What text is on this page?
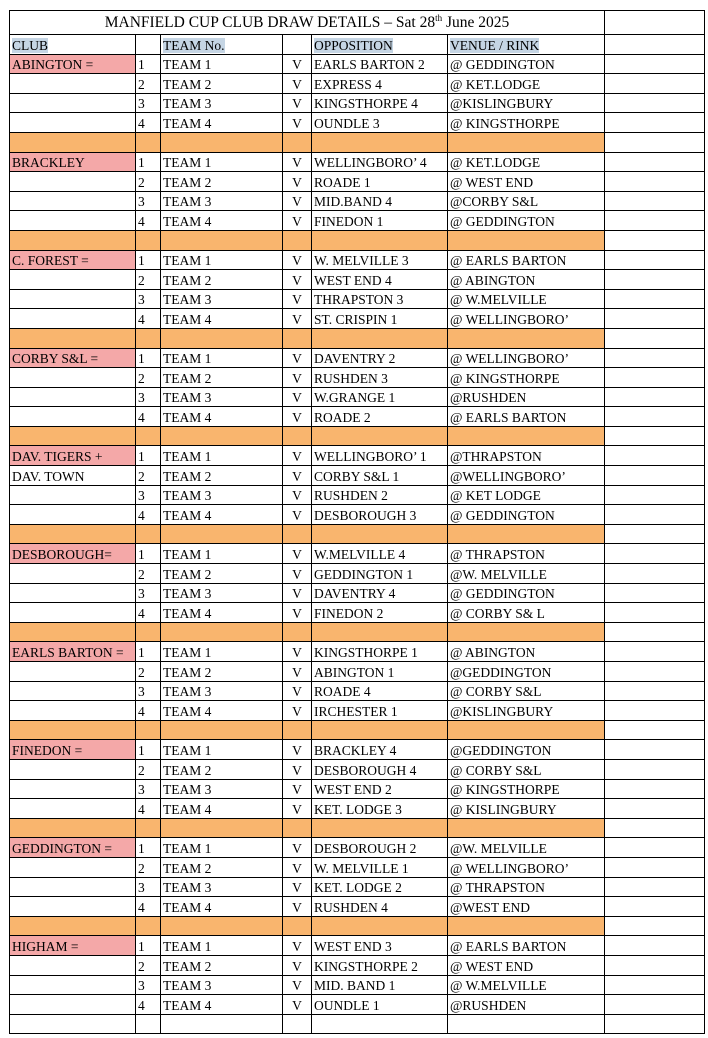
MANFIELD CUP CLUB DRAW DETAILS – Sat 28th June 2025						
CLUB		TEAM No.		OPPOSITION	VENUE / RINK	
ABINGTON =	1	TEAM 1	V	EARLS BARTON 2	@ GEDDINGTON	
	2	TEAM 2	V	EXPRESS 4	@ KET.LODGE	
	3	TEAM 3	V	KINGSTHORPE 4	@KISLINGBURY	
	4	TEAM 4	V	OUNDLE 3	@ KINGSTHORPE	

BRACKLEY	1	TEAM 1	V	WELLINGBORO’ 4	@ KET.LODGE	
	2	TEAM 2	V	ROADE 1	@ WEST END	
	3	TEAM 3	V	MID.BAND 4	@CORBY S&L	
	4	TEAM 4	V	FINEDON 1	@ GEDDINGTON	

C. FOREST =	1	TEAM 1	V	W. MELVILLE 3	@ EARLS BARTON	
	2	TEAM 2	V	WEST END 4	@ ABINGTON	
	3	TEAM 3	V	THRAPSTON 3	@ W.MELVILLE	
	4	TEAM 4	V	ST. CRISPIN 1	@ WELLINGBORO’	

CORBY S&L =	1	TEAM 1	V	DAVENTRY 2	@ WELLINGBORO’	
	2	TEAM 2	V	RUSHDEN 3	@ KINGSTHORPE	
	3	TEAM 3	V	W.GRANGE 1	@RUSHDEN	
	4	TEAM 4	V	ROADE 2	@ EARLS BARTON	

DAV. TIGERS +	1	TEAM 1	V	WELLINGBORO’ 1	@THRAPSTON	
DAV. TOWN	2	TEAM 2	V	CORBY S&L 1	@WELLINGBORO’	
	3	TEAM 3	V	RUSHDEN 2	@ KET LODGE	
	4	TEAM 4	V	DESBOROUGH 3	@ GEDDINGTON	

DESBOROUGH=	1	TEAM 1	V	W.MELVILLE 4	@ THRAPSTON	
	2	TEAM 2	V	GEDDINGTON 1	@W. MELVILLE	
	3	TEAM 3	V	DAVENTRY 4	@ GEDDINGTON	
	4	TEAM 4	V	FINEDON 2	@ CORBY S& L	

EARLS BARTON =	1	TEAM 1	V	KINGSTHORPE 1	@ ABINGTON	
	2	TEAM 2	V	ABINGTON 1	@GEDDINGTON	
	3	TEAM 3	V	ROADE 4	@ CORBY S&L	
	4	TEAM 4	V	IRCHESTER 1	@KISLINGBURY	

FINEDON =	1	TEAM 1	V	BRACKLEY 4	@GEDDINGTON	
	2	TEAM 2	V	DESBOROUGH 4	@ CORBY S&L	
	3	TEAM 3	V	WEST END 2	@ KINGSTHORPE	
	4	TEAM 4	V	KET. LODGE 3	@ KISLINGBURY	

GEDDINGTON =	1	TEAM 1	V	DESBOROUGH 2	@W. MELVILLE	
	2	TEAM 2	V	W. MELVILLE 1	@ WELLINGBORO’	
	3	TEAM 3	V	KET. LODGE 2	@ THRAPSTON	
	4	TEAM 4	V	RUSHDEN 4	@WEST END	

HIGHAM =	1	TEAM 1	V	WEST END 3	@ EARLS BARTON	
	2	TEAM 2	V	KINGSTHORPE 2	@ WEST END	
	3	TEAM 3	V	MID. BAND 1	@ W.MELVILLE	
	4	TEAM 4	V	OUNDLE 1	@RUSHDEN	
